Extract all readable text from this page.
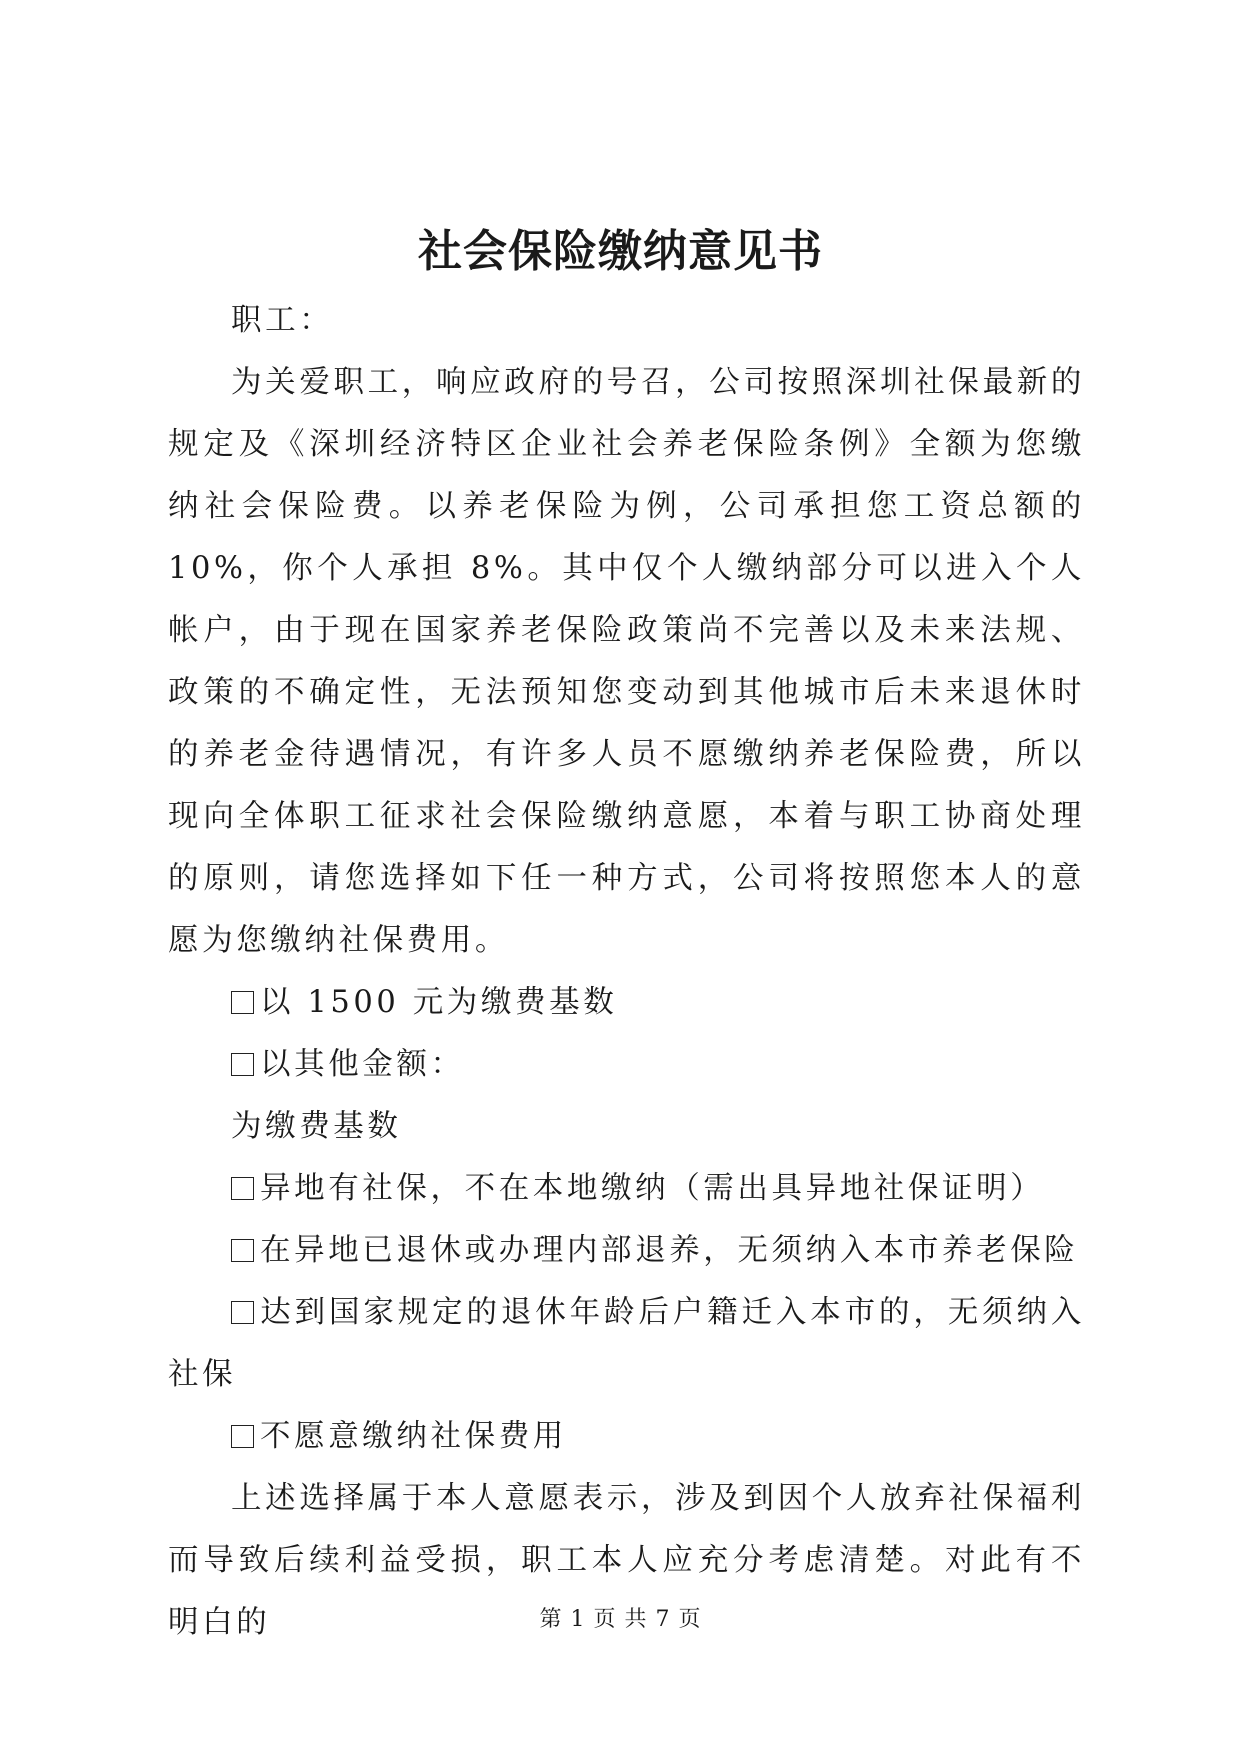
社会保险缴纳意见书

职工：

为关爱职工，响应政府的号召，公司按照深圳社保最新的规定及《深圳经济特区企业社会养老保险条例》全额为您缴纳社会保险费。以养老保险为例，公司承担您工资总额的 10%，你个人承担 8%。其中仅个人缴纳部分可以进入个人帐户，由于现在国家养老保险政策尚不完善以及未来法规、政策的不确定性，无法预知您变动到其他城市后未来退休时的养老金待遇情况，有许多人员不愿缴纳养老保险费，所以现向全体职工征求社会保险缴纳意愿，本着与职工协商处理的原则，请您选择如下任一种方式，公司将按照您本人的意愿为您缴纳社保费用。

以 1500 元为缴费基数

以其他金额：

为缴费基数

异地有社保，不在本地缴纳（需出具异地社保证明）

在异地已退休或办理内部退养，无须纳入本市养老保险

达到国家规定的退休年龄后户籍迁入本市的，无须纳入社保

不愿意缴纳社保费用

上述选择属于本人意愿表示，涉及到因个人放弃社保福利而导致后续利益受损，职工本人应充分考虑清楚。对此有不明白的	第 1 页 共 7 页
